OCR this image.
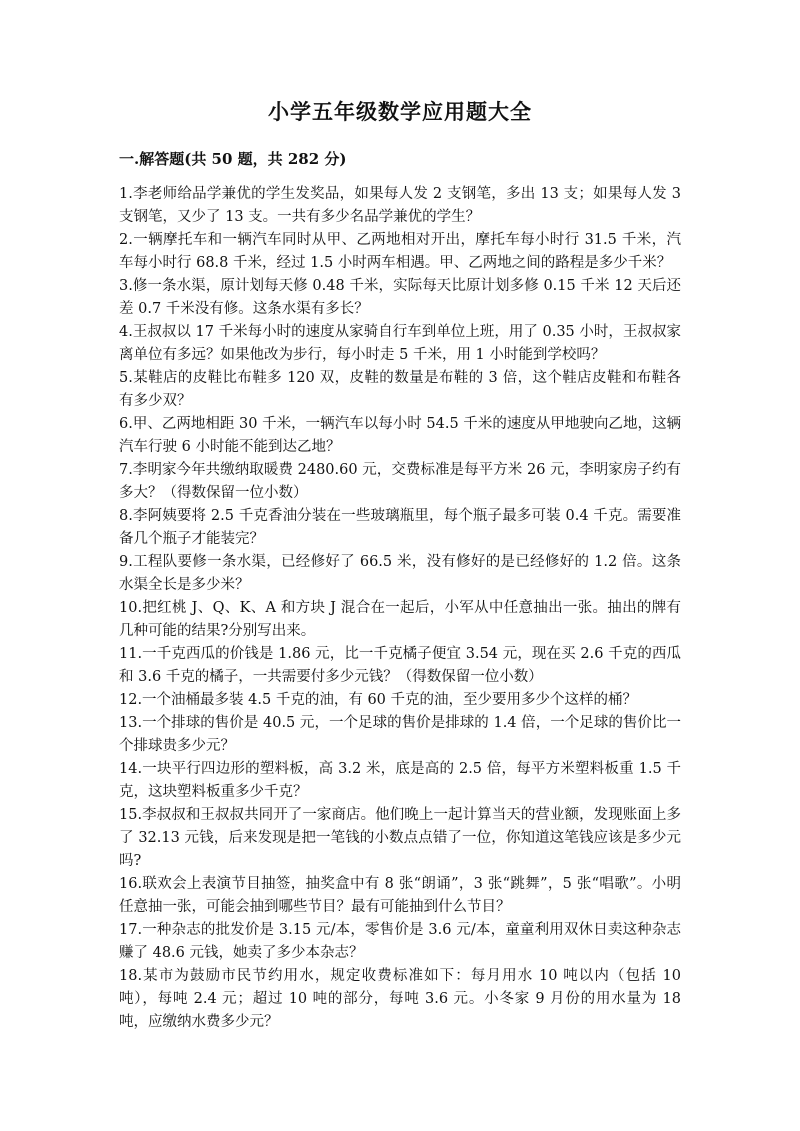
小学五年级数学应用题大全
一.解答题(共 50 题，共 282 分)
1.李老师给品学兼优的学生发奖品，如果每人发 2 支钢笔，多出 13 支；如果每人发 3 支钢笔，又少了 13 支。一共有多少名品学兼优的学生？
2.一辆摩托车和一辆汽车同时从甲、乙两地相对开出，摩托车每小时行 31.5 千米，汽车每小时行 68.8 千米，经过 1.5 小时两车相遇。甲、乙两地之间的路程是多少千米？
3.修一条水渠，原计划每天修 0.48 千米，实际每天比原计划多修 0.15 千米 12 天后还差 0.7 千米没有修。这条水渠有多长？
4.王叔叔以 17 千米每小时的速度从家骑自行车到单位上班，用了 0.35 小时，王叔叔家离单位有多远？如果他改为步行，每小时走 5 千米，用 1 小时能到学校吗？
5.某鞋店的皮鞋比布鞋多 120 双，皮鞋的数量是布鞋的 3 倍，这个鞋店皮鞋和布鞋各有多少双？
6.甲、乙两地相距 30 千米，一辆汽车以每小时 54.5 千米的速度从甲地驶向乙地，这辆汽车行驶 6 小时能不能到达乙地？
7.李明家今年共缴纳取暖费 2480.60 元，交费标准是每平方米 26 元，李明家房子约有多大？（得数保留一位小数）
8.李阿姨要将 2.5 千克香油分装在一些玻璃瓶里，每个瓶子最多可装 0.4 千克。需要准备几个瓶子才能装完？
9.工程队要修一条水渠，已经修好了 66.5 米，没有修好的是已经修好的 1.2 倍。这条水渠全长是多少米？
10.把红桃 J、Q、K、A 和方块 J 混合在一起后，小军从中任意抽出一张。抽出的牌有几种可能的结果?分别写出来。
11.一千克西瓜的价钱是 1.86 元，比一千克橘子便宜 3.54 元，现在买 2.6 千克的西瓜和 3.6 千克的橘子，一共需要付多少元钱？（得数保留一位小数）
12.一个油桶最多装 4.5 千克的油，有 60 千克的油，至少要用多少个这样的桶？
13.一个排球的售价是 40.5 元，一个足球的售价是排球的 1.4 倍，一个足球的售价比一个排球贵多少元？
14.一块平行四边形的塑料板，高 3.2 米，底是高的 2.5 倍，每平方米塑料板重 1.5 千克，这块塑料板重多少千克？
15.李叔叔和王叔叔共同开了一家商店。他们晚上一起计算当天的营业额，发现账面上多了 32.13 元钱，后来发现是把一笔钱的小数点点错了一位，你知道这笔钱应该是多少元吗?
16.联欢会上表演节目抽签，抽奖盒中有 8 张“朗诵”，3 张“跳舞”，5 张“唱歌”。小明任意抽一张，可能会抽到哪些节目？最有可能抽到什么节目？
17.一种杂志的批发价是 3.15 元/本，零售价是 3.6 元/本，童童利用双休日卖这种杂志赚了 48.6 元钱，她卖了多少本杂志？
18.某市为鼓励市民节约用水，规定收费标准如下：每月用水 10 吨以内（包括 10 吨），每吨 2.4 元；超过 10 吨的部分，每吨 3.6 元。小冬家 9 月份的用水量为 18 吨，应缴纳水费多少元？
